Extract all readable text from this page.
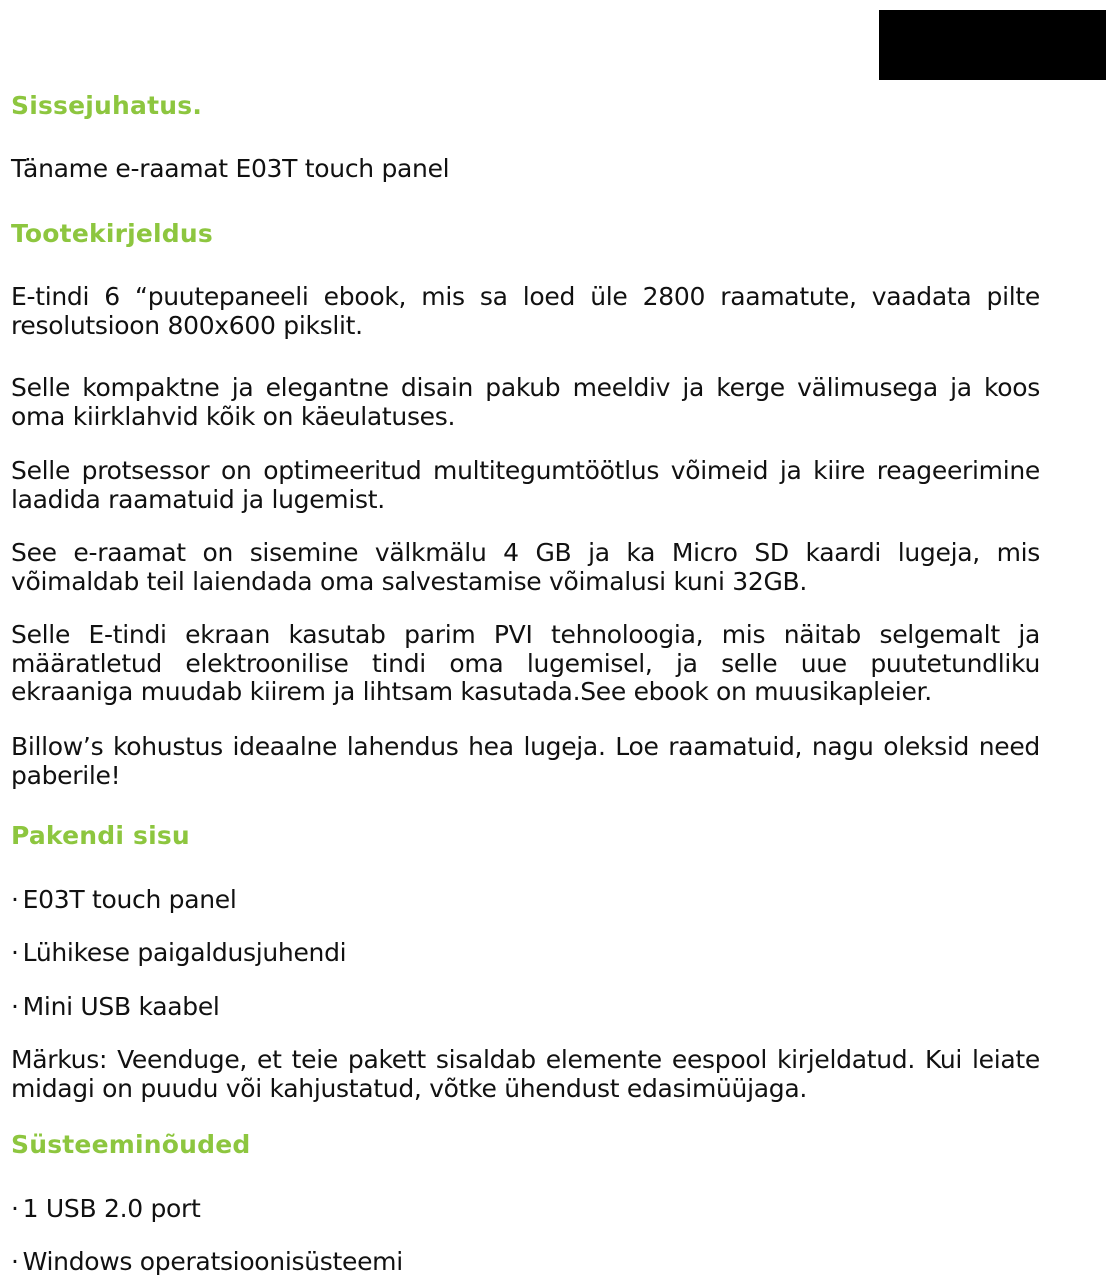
Sissejuhatus.

Täname e-raamat E03T touch panel

Tootekirjeldus

E-tindi 6 “puutepaneeli ebook, mis sa loed üle 2800 raamatute, vaadata pilte resolutsioon 800x600 pikslit.

Selle kompaktne ja elegantne disain pakub meeldiv ja kerge välimusega ja koos oma kiirklahvid kõik on käeulatuses.

Selle protsessor on optimeeritud multitegumtöötlus võimeid ja kiire reageerimine laadida raamatuid ja lugemist.

See e-raamat on sisemine välkmälu 4 GB ja ka Micro SD kaardi lugeja, mis võimaldab teil laiendada oma salvestamise võimalusi kuni 32GB.

Selle E-tindi ekraan kasutab parim PVI tehnoloogia, mis näitab selgemalt ja määratletud elektroonilise tindi oma lugemisel, ja selle uue puutetundliku ekraaniga muudab kiirem ja lihtsam kasutada.See ebook on muusikapleier.

Billow’s kohustus ideaalne lahendus hea lugeja. Loe raamatuid, nagu oleksid need paberile!

Pakendi sisu
· E03T touch panel
· Lühikese paigaldusjuhendi
· Mini USB kaabel

Märkus: Veenduge, et teie pakett sisaldab elemente eespool kirjeldatud. Kui leiate midagi on puudu või kahjustatud, võtke ühendust edasimüüjaga.

Süsteeminõuded
· 1 USB 2.0 port
· Windows operatsioonisüsteemi
